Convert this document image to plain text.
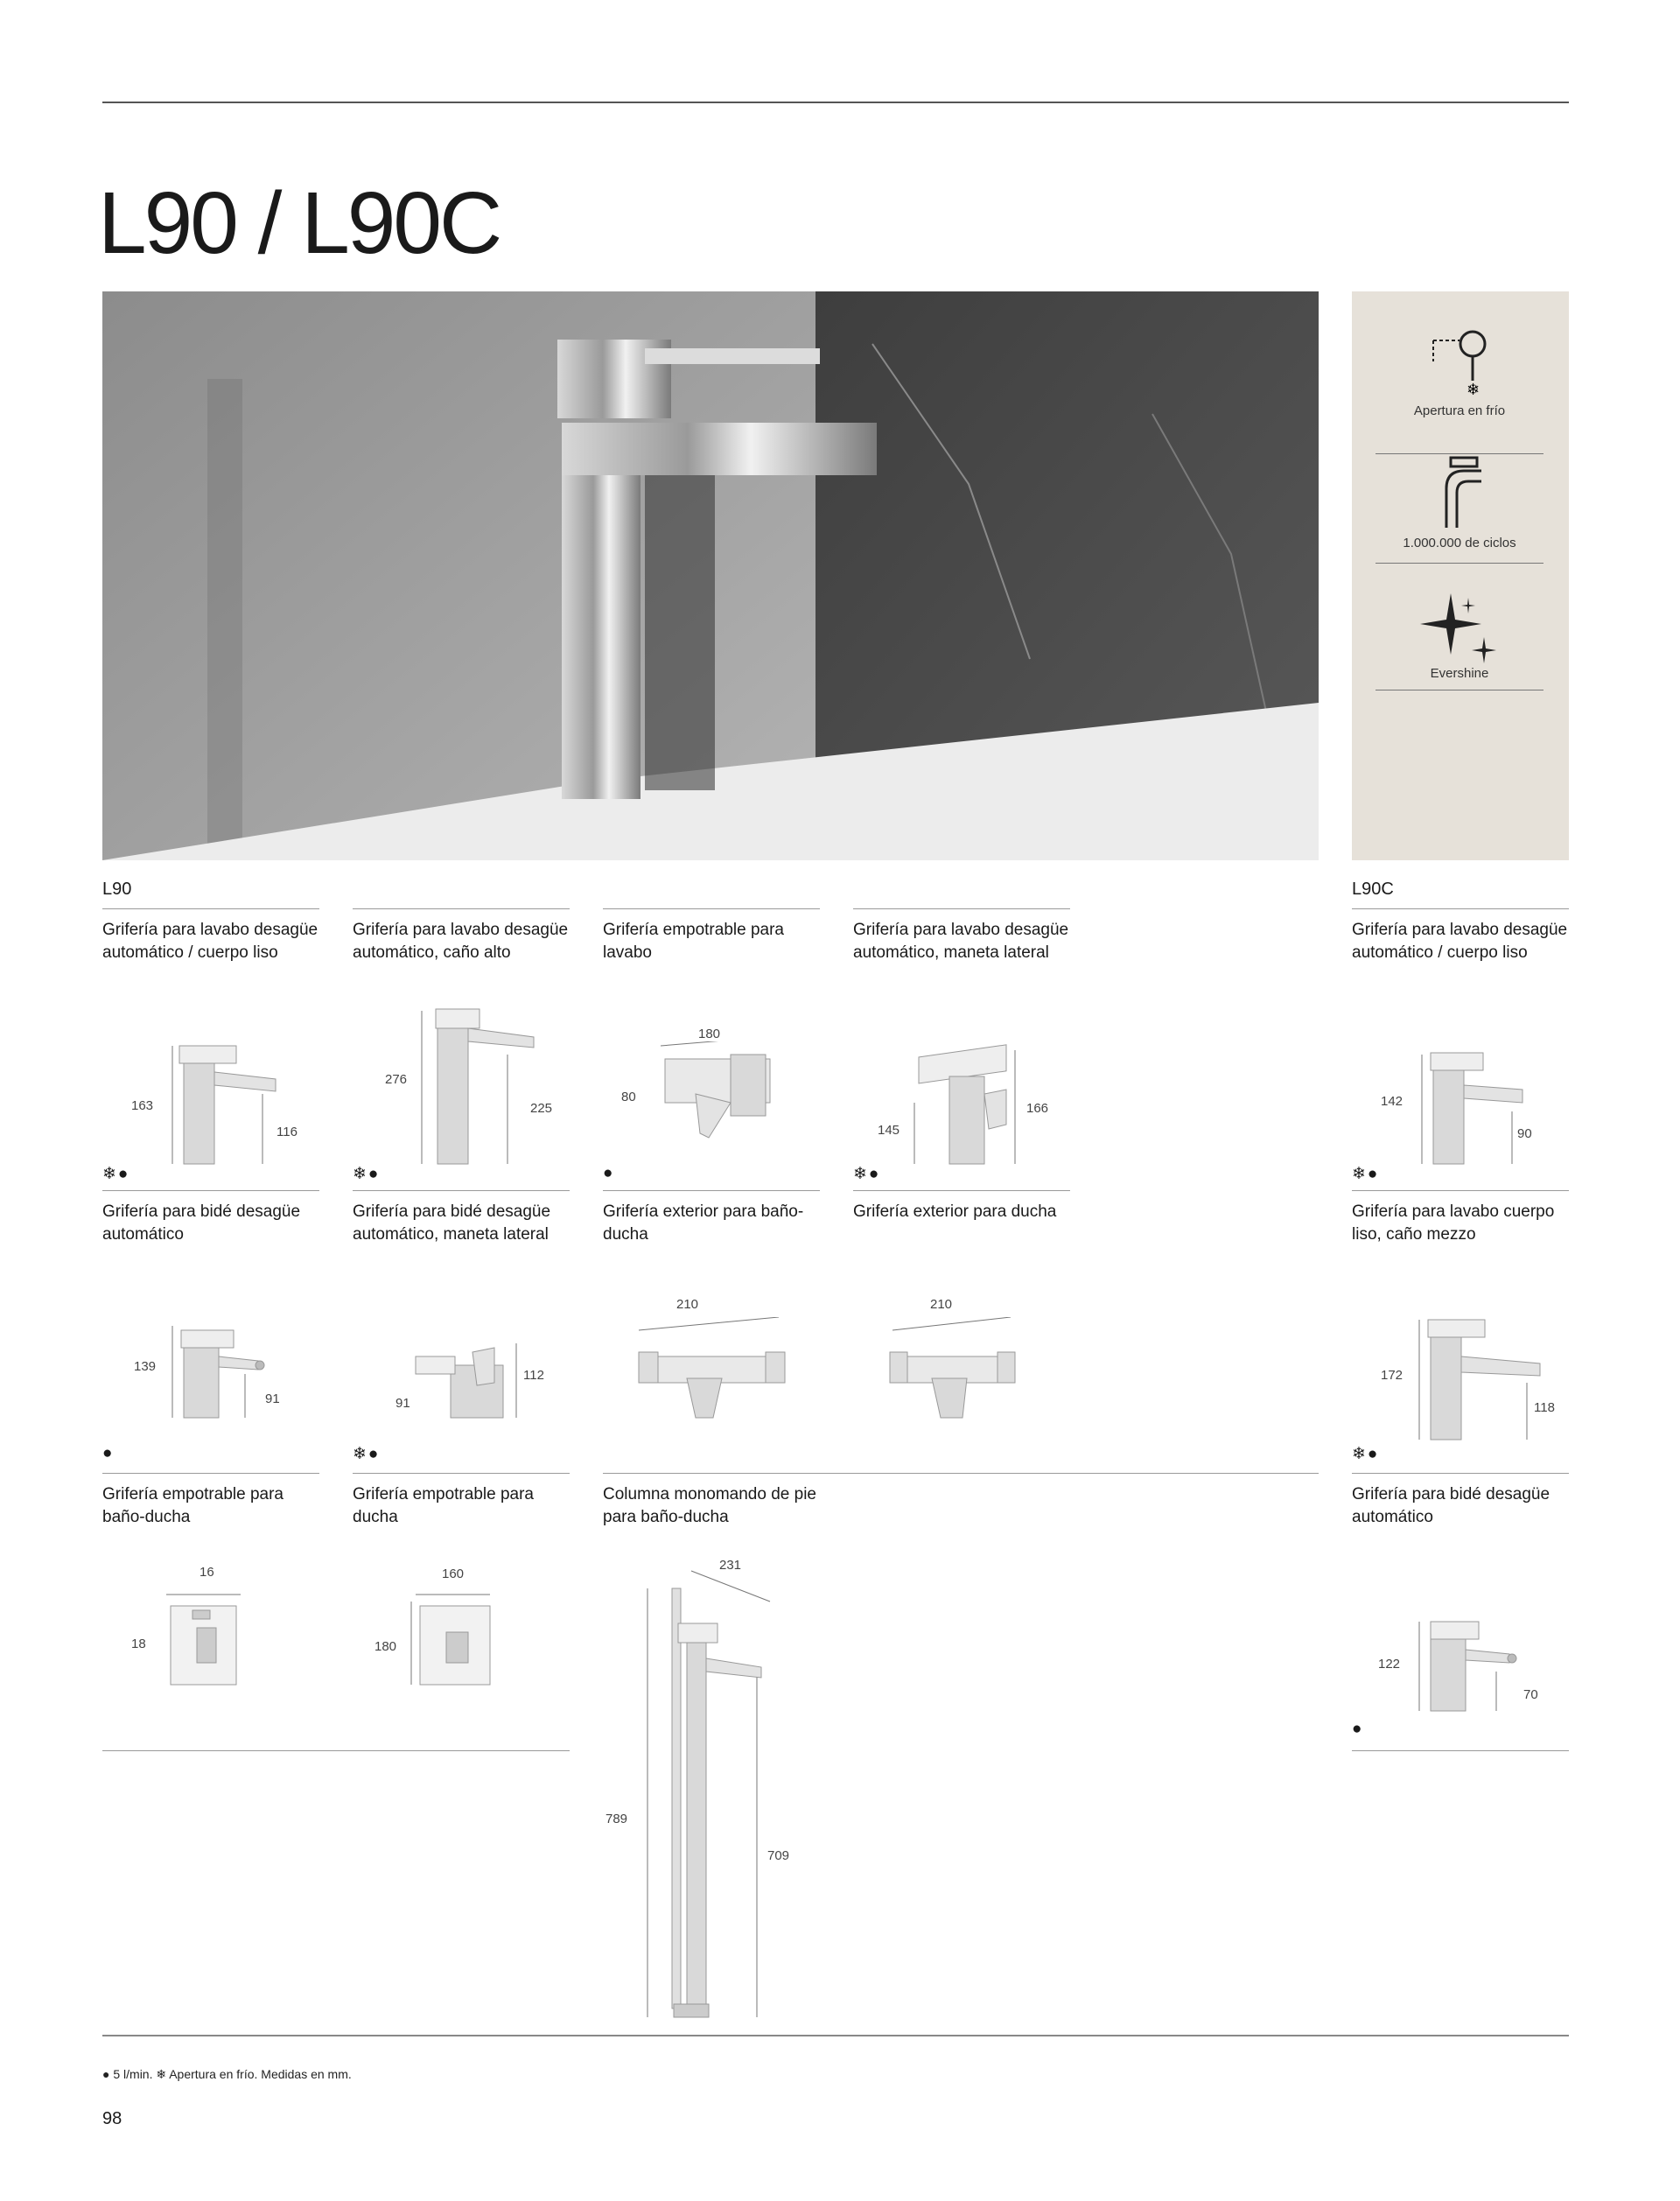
L90 / L90C
❄
Apertura en frío
1.000.000 de ciclos
Evershine
L90	L90C
Grifería para lavabo desagüe automático / cuerpo liso
163
116
❄●
Grifería para lavabo desagüe automático, caño alto
276
225
❄●
Grifería empotrable para lavabo
180
80
●
Grifería para lavabo desagüe automático, maneta lateral
145
166
❄●
Grifería para lavabo desagüe automático / cuerpo liso
142
90
❄●
Grifería para bidé desagüe automático
139
91
●
Grifería para bidé desagüe automático, maneta lateral
91
112
❄●
Grifería exterior para baño-ducha
210
Grifería exterior para ducha
210
Grifería para lavabo cuerpo liso, caño mezzo
172
118
❄●
Grifería empotrable para baño-ducha
16
18
Grifería empotrable para ducha
160
180
Columna monomando de pie para baño-ducha
231
789
709
Grifería para bidé desagüe automático
122
70
●
● 5 l/min. ❄ Apertura en frío. Medidas en mm.
98
